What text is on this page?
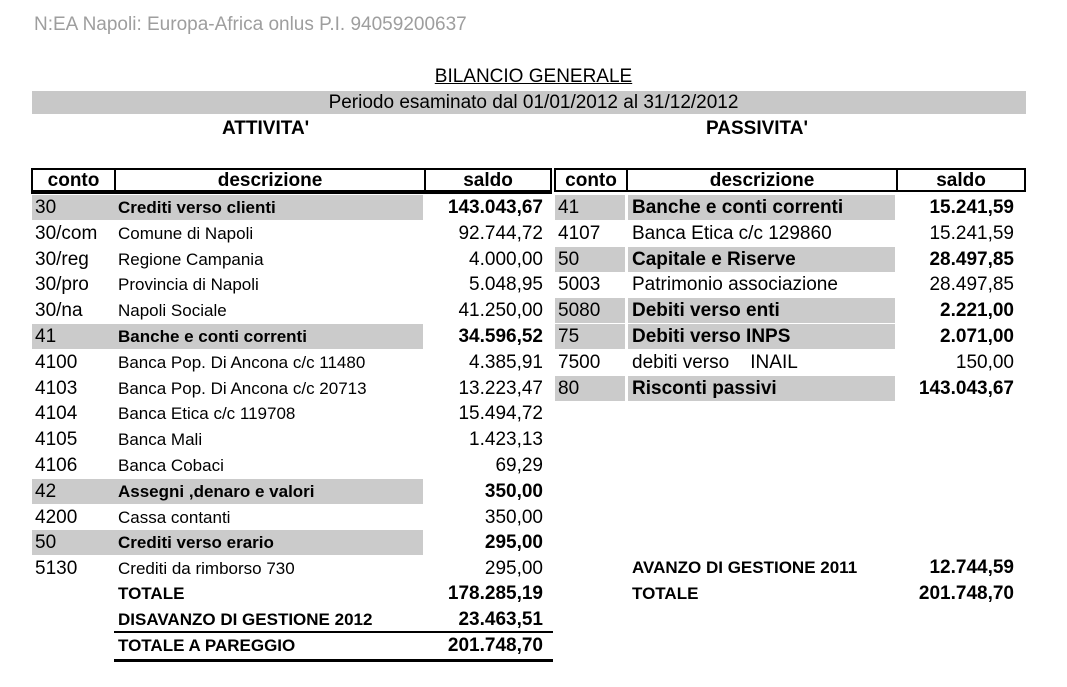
N:EA Napoli: Europa-Africa onlus P.I. 94059200637
BILANCIO GENERALE
Periodo esaminato dal 01/01/2012 al 31/12/2012
ATTIVITA'	PASSIVITA'
conto	descrizione	saldo	conto	descrizione	saldo
30	Crediti verso clienti	143.043,67
30/com Comune di Napoli	92.744,72
30/reg Regione Campania	4.000,00
30/pro Provincia di Napoli	5.048,95
30/na Napoli Sociale	41.250,00
41	Banche e conti correnti	34.596,52
4100 Banca Pop. Di Ancona c/c 11480	4.385,91
4103 Banca Pop. Di Ancona c/c 20713	13.223,47
4104 Banca Etica c/c 119708	15.494,72
4105 Banca Mali	1.423,13
4106 Banca Cobaci	69,29
42	Assegni ,denaro e valori	350,00
4200 Cassa contanti	350,00
50	Crediti verso erario	295,00
5130 Crediti da rimborso 730	295,00
41	Banche e conti correnti	15.241,59
4107 Banca Etica c/c 129860	15.241,59
50	Capitale e Riserve	28.497,85
5003 Patrimonio associazione	28.497,85
5080 Debiti verso enti	2.221,00
75	Debiti verso INPS	2.071,00
7500 debiti verso    INAIL	150,00
80	Risconti passivi	143.043,67
TOTALE	178.285,19
DISAVANZO DI GESTIONE 2012	23.463,51
TOTALE A PAREGGIO	201.748,70
AVANZO DI GESTIONE 2011	12.744,59
TOTALE	201.748,70
